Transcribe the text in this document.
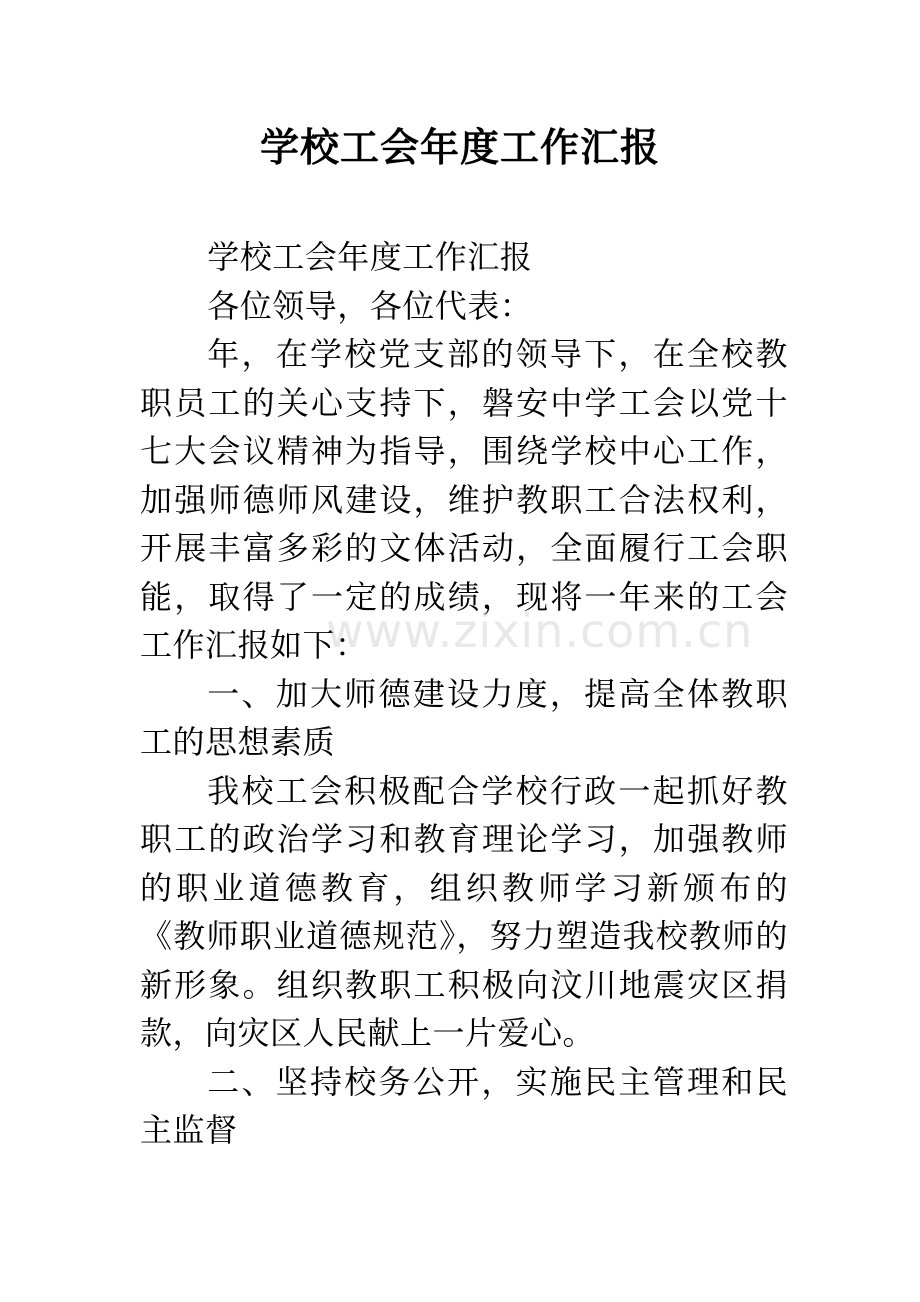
学校工会年度工作汇报

学校工会年度工作汇报

各位领导，各位代表：

年，在学校党支部的领导下，在全校教职员工的关心支持下，磐安中学工会以党十七大会议精神为指导，围绕学校中心工作，加强师德师风建设，维护教职工合法权利，开展丰富多彩的文体活动，全面履行工会职能，取得了一定的成绩，现将一年来的工会工作汇报如下：

一、加大师德建设力度，提高全体教职工的思想素质

我校工会积极配合学校行政一起抓好教职工的政治学习和教育理论学习，加强教师的职业道德教育，组织教师学习新颁布的《教师职业道德规范》，努力塑造我校教师的新形象。组织教职工积极向汶川地震灾区捐款，向灾区人民献上一片爱心。

二、坚持校务公开，实施民主管理和民主监督

www.zixin.com.cn
